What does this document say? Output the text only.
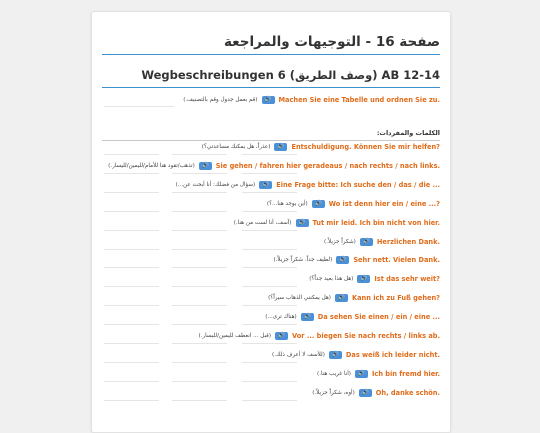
صفحة 16 - التوجيهات والمراجعة
AB 12-14 (وصف الطريق) Wegbeschreibungen 6
Machen Sie eine Tabelle und ordnen Sie zu.
🔊
(قم بعمل جدول وقم بالتصنيف.)
الكلمات والمفردات:
Entschuldigung. Können Sie mir helfen?
🔊
(عذراً، هل يمكنك مساعدتي؟)
Sie gehen / fahren hier geradeaus / nach rechts / nach links.
🔊
(تذهب/تقود هنا للأمام/لليمين/لليسار.)
Eine Frage bitte: Ich suche den / das / die ...
🔊
(سؤال من فضلك: أنا أبحث عن...)
Wo ist denn hier ein / eine ...?
🔊
(أين يوجد هنا...؟)
Tut mir leid. Ich bin nicht von hier.
🔊
(آسف، أنا لست من هنا.)
Herzlichen Dank.
🔊
(شكراً جزيلاً.)
Sehr nett. Vielen Dank.
🔊
(لطيف جداً. شكراً جزيلاً.)
Ist das sehr weit?
🔊
(هل هذا بعيد جداً؟)
Kann ich zu Fuß gehen?
🔊
(هل يمكنني الذهاب سيراً؟)
Da sehen Sie einen / ein / eine ...
🔊
(هناك ترى...)
Vor ... biegen Sie nach rechts / links ab.
🔊
(قبل ... انعطف لليمين/لليسار.)
Das weiß ich leider nicht.
🔊
(للأسف لا أعرف ذلك.)
Ich bin fremd hier.
🔊
(أنا غريب هنا.)
Oh, danke schön.
🔊
(أوه، شكراً جزيلاً.)
